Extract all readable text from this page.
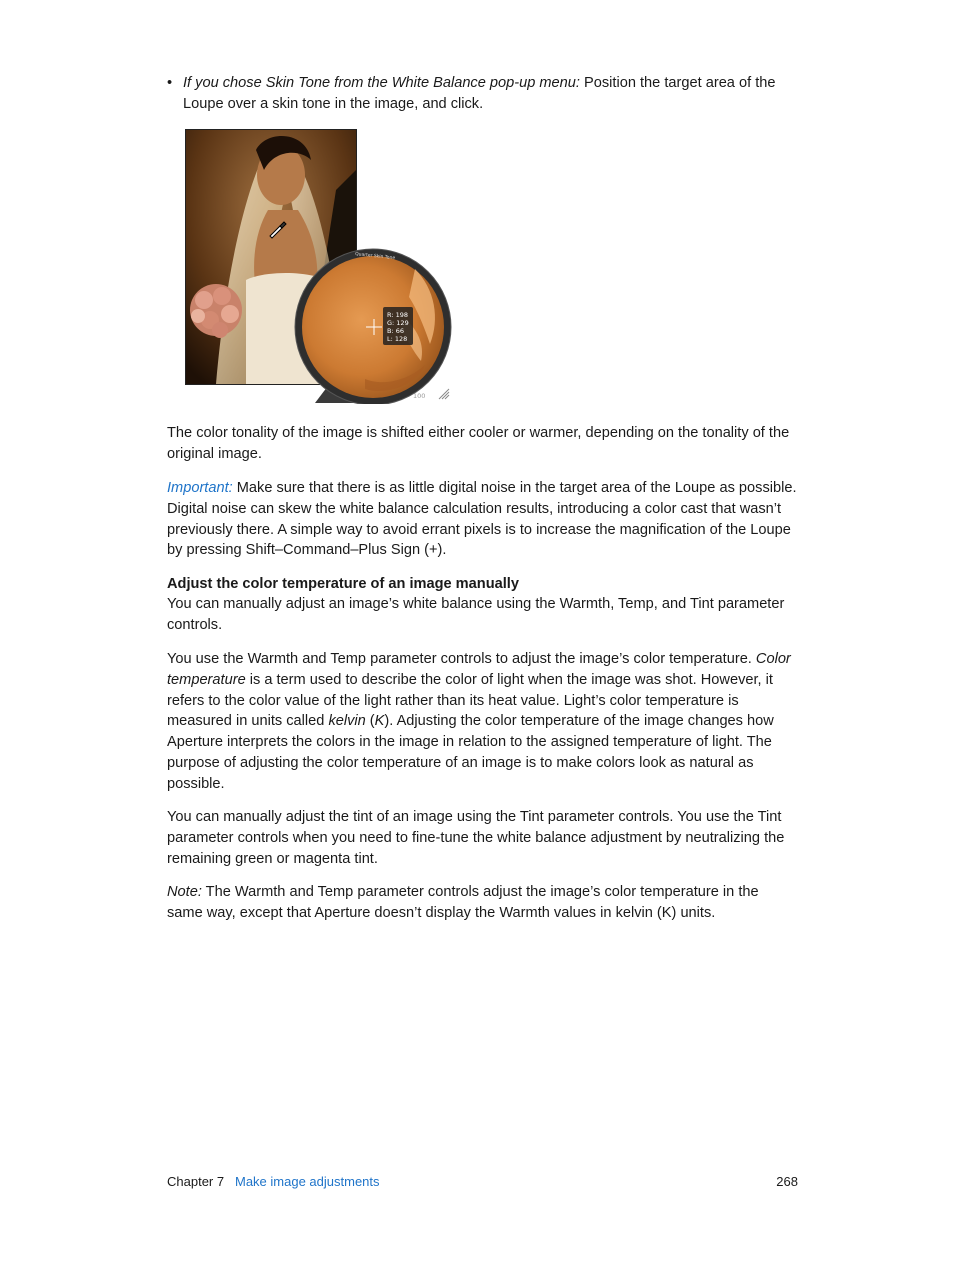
• If you chose Skin Tone from the White Balance pop-up menu: Position the target area of the Loupe over a skin tone in the image, and click.
R: 198
G: 129
B: 66
L: 128
Quarter Skin Tone
100

The color tonality of the image is shifted either cooler or warmer, depending on the tonality of the original image.

Important: Make sure that there is as little digital noise in the target area of the Loupe as possible. Digital noise can skew the white balance calculation results, introducing a color cast that wasn’t previously there. A simple way to avoid errant pixels is to increase the magnification of the Loupe by pressing Shift–Command–Plus Sign (+).

Adjust the color temperature of an image manually

You can manually adjust an image’s white balance using the Warmth, Temp, and Tint parameter controls.

You use the Warmth and Temp parameter controls to adjust the image’s color temperature. Color temperature is a term used to describe the color of light when the image was shot. However, it refers to the color value of the light rather than its heat value. Light’s color temperature is measured in units called kelvin (K). Adjusting the color temperature of the image changes how Aperture interprets the colors in the image in relation to the assigned temperature of light. The purpose of adjusting the color temperature of an image is to make colors look as natural as possible.

You can manually adjust the tint of an image using the Tint parameter controls. You use the Tint parameter controls when you need to fine-tune the white balance adjustment by neutralizing the remaining green or magenta tint.

Note: The Warmth and Temp parameter controls adjust the image’s color temperature in the same way, except that Aperture doesn’t display the Warmth values in kelvin (K) units.

Chapter 7 Make image adjustments	268
